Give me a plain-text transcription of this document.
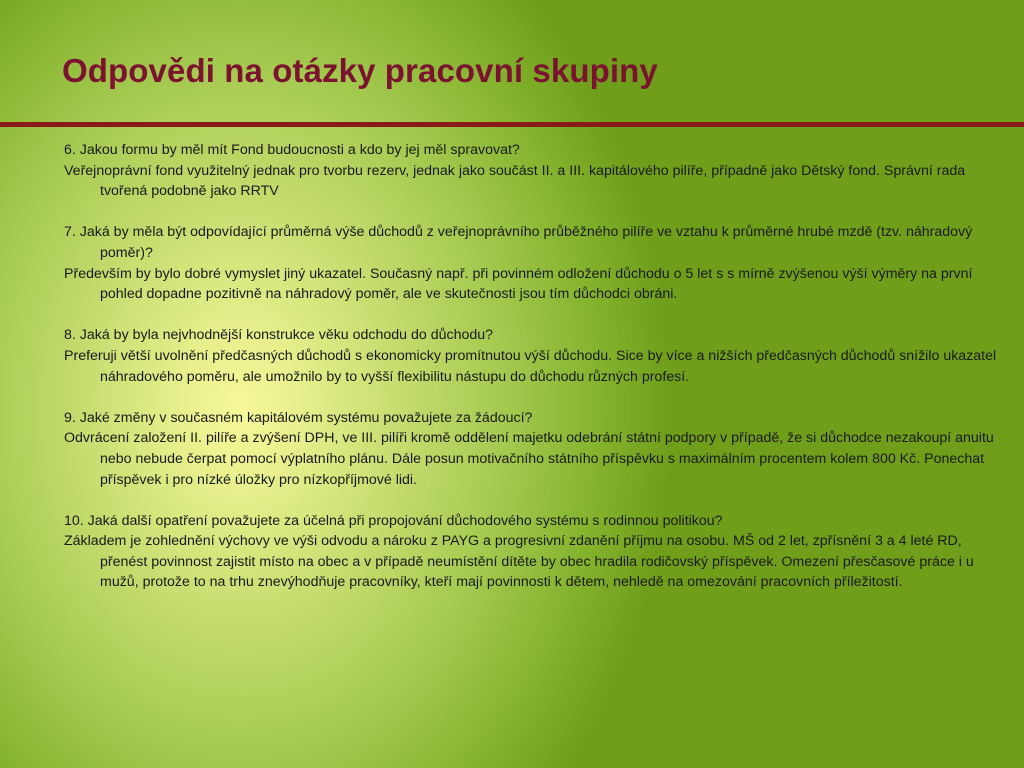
Odpovědi na otázky pracovní skupiny

6. Jakou formu by měl mít Fond budoucnosti a kdo by jej měl spravovat?

Veřejnoprávní fond využitelný jednak pro tvorbu rezerv, jednak jako součást II. a III. kapitálového pilíře, případně jako Dětský fond. Správní rada tvořená podobně jako RRTV

7. Jaká by měla být odpovídající průměrná výše důchodů z veřejnoprávního průběžného pilíře ve vztahu k průměrné hrubé mzdě (tzv. náhradový poměr)?

Především by bylo dobré vymyslet jiný ukazatel. Současný např. při povinném odložení důchodu o 5 let s s mírně zvýšenou výší výměry na první pohled dopadne pozitivně na náhradový poměr, ale ve skutečnosti jsou tím důchodci obráni.

8. Jaká by byla nejvhodnější konstrukce věku odchodu do důchodu?

Preferuji větší uvolnění předčasných důchodů s ekonomicky promítnutou výší důchodu. Sice by více a nižších předčasných důchodů snížilo ukazatel náhradového poměru, ale umožnilo by to vyšší flexibilitu nástupu do důchodu různých profesí.

9. Jaké změny v současném kapitálovém systému považujete za žádoucí?

Odvrácení založení II. pilíře a zvýšení DPH, ve III. pilíři kromě oddělení majetku odebrání státní podpory v případě, že si důchodce nezakoupí anuitu nebo nebude čerpat pomocí výplatního plánu. Dále posun motivačního státního příspěvku s maximálním procentem kolem 800 Kč. Ponechat příspěvek i pro nízké úložky pro nízkopříjmové lidi.

10. Jaká další opatření považujete za účelná při propojování důchodového systému s rodinnou politikou?

Základem je zohlednění výchovy ve výši odvodu a nároku z PAYG a progresivní zdanění příjmu na osobu. MŠ od 2 let, zpřísnění 3 a 4 leté RD, přenést povinnost zajistit místo na obec a v případě neumístění dítěte by obec hradila rodičovský příspěvek. Omezení přesčasové práce i u mužů, protože to na trhu znevýhodňuje pracovníky, kteří mají povinnosti k dětem, nehledě na omezování pracovních příležitostí.
